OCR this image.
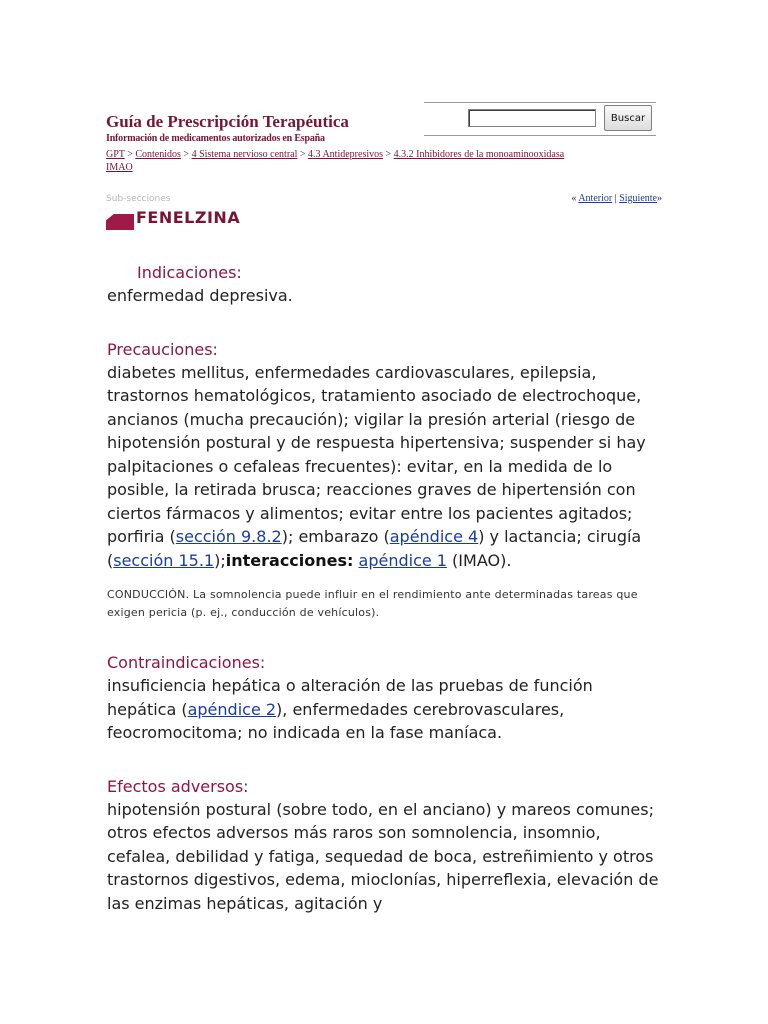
Guía de Prescripción Terapéutica
Información de medicamentos autorizados en España
Buscar
GPT > Contenidos > 4 Sistema nervioso central > 4.3 Antidepresivos > 4.3.2 Inhibidores de la monoaminooxidasa
IMAO
Sub-secciones	« Anterior | Siguiente»
FENELZINA
Indicaciones:

enfermedad depresiva.

Precauciones:

diabetes mellitus, enfermedades cardiovasculares, epilepsia, trastornos hematológicos, tratamiento asociado de electrochoque, ancianos (mucha precaución); vigilar la presión arterial (riesgo de hipotensión postural y de respuesta hipertensiva; suspender si hay palpitaciones o cefaleas frecuentes): evitar, en la medida de lo posible, la retirada brusca; reacciones graves de hipertensión con ciertos fármacos y alimentos; evitar entre los pacientes agitados; porfiria (sección 9.8.2); embarazo (apéndice 4) y lactancia; cirugía (sección 15.1);interacciones: apéndice 1 (IMAO).

CONDUCCIÓN. La somnolencia puede influir en el rendimiento ante determinadas tareas que exigen pericia (p. ej., conducción de vehículos).

Contraindicaciones:

insuficiencia hepática o alteración de las pruebas de función hepática (apéndice 2), enfermedades cerebrovasculares, feocromocitoma; no indicada en la fase maníaca.

Efectos adversos:

hipotensión postural (sobre todo, en el anciano) y mareos comunes; otros efectos adversos más raros son somnolencia, insomnio, cefalea, debilidad y fatiga, sequedad de boca, estreñimiento y otros trastornos digestivos, edema, mioclonías, hiperreflexia, elevación de las enzimas hepáticas, agitación y
